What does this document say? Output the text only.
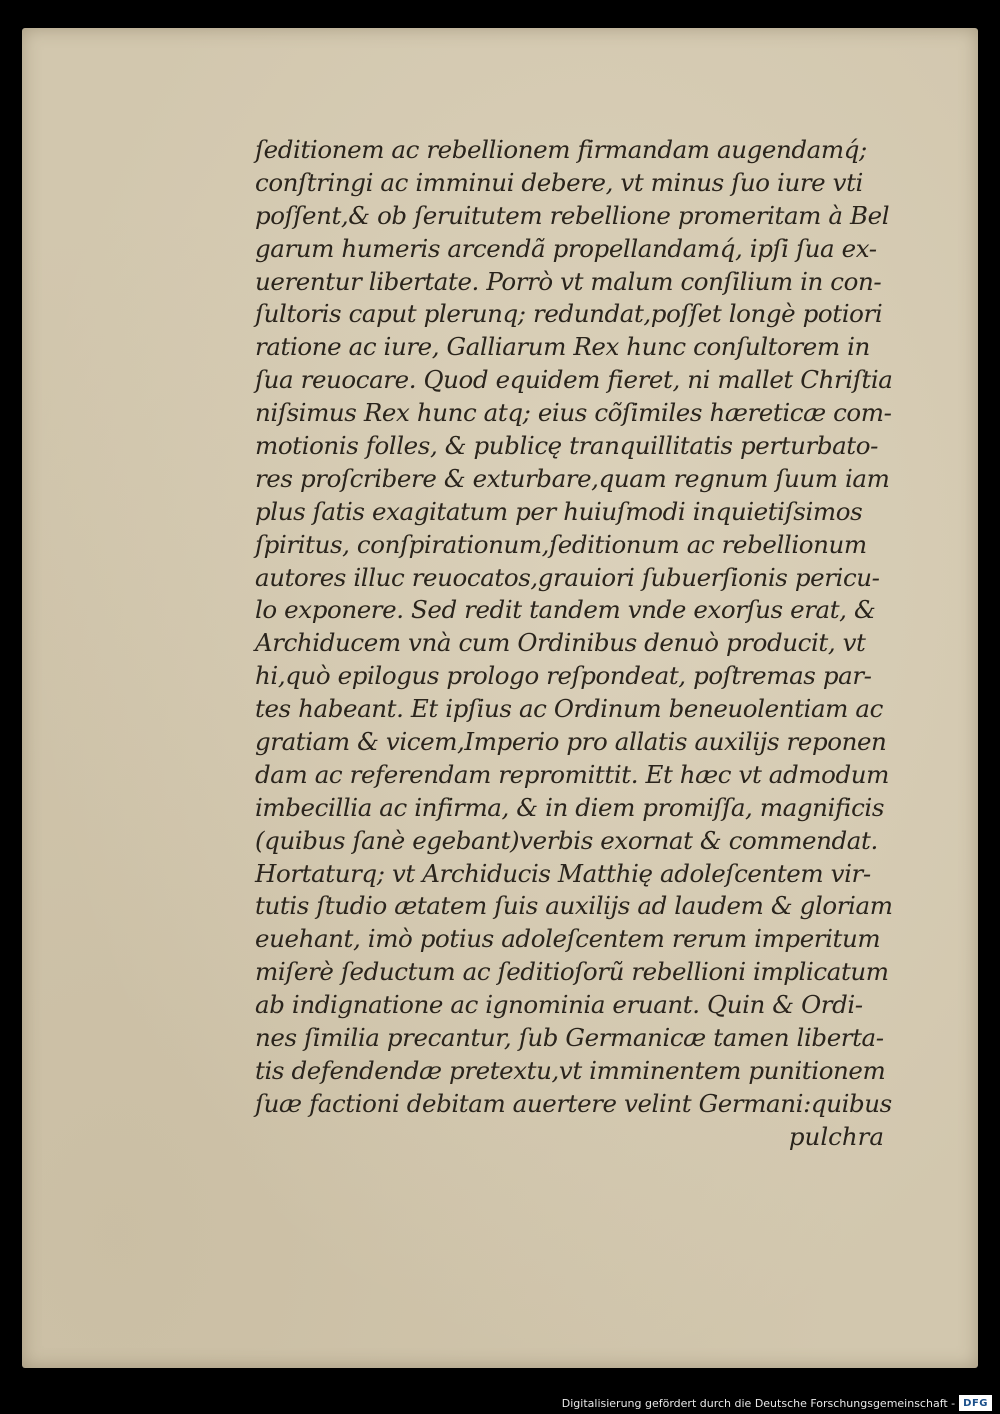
ſeditionem ac rebellionem firmandam augendamq́;
conſtringi ac imminui debere, vt minus ſuo iure vti
poſſent,& ob ſeruitutem rebellione promeritam à Bel
garum humeris arcendã propellandamq́, ipſi ſua ex-
uerentur libertate. Porrò vt malum conſilium in con-
ſultoris caput plerunq; redundat,poſſet longè potiori
ratione ac iure, Galliarum Rex hunc conſultorem in
ſua reuocare. Quod equidem fieret, ni mallet Chriſtia
niſsimus Rex hunc atq; eius cõſimiles hæreticæ com-
motionis folles, & publicę tranquillitatis perturbato-
res proſcribere & exturbare,quam regnum ſuum iam
plus ſatis exagitatum per huiuſmodi inquietiſsimos
ſpiritus, conſpirationum,ſeditionum ac rebellionum
autores illuc reuocatos,grauiori ſubuerſionis pericu-
lo exponere. Sed redit tandem vnde exorſus erat, &
Archiducem vnà cum Ordinibus denuò producit, vt
hi,quò epilogus prologo reſpondeat, poſtremas par-
tes habeant. Et ipſius ac Ordinum beneuolentiam ac
gratiam & vicem,Imperio pro allatis auxilijs reponen
dam ac referendam repromittit. Et hæc vt admodum
imbecillia ac infirma, & in diem promiſſa, magnificis
(quibus ſanè egebant)verbis exornat & commendat.
Hortaturq; vt Archiducis Matthię adoleſcentem vir-
tutis ſtudio ætatem ſuis auxilijs ad laudem & gloriam
euehant, imò potius adoleſcentem rerum imperitum
miſerè ſeductum ac ſeditioſorũ rebellioni implicatum
ab indignatione ac ignominia eruant. Quin & Ordi-
nes ſimilia precantur, ſub Germanicæ tamen liberta-
tis defendendæ pretextu,vt imminentem punitionem
ſuæ factioni debitam auertere velint Germani:quibus
pulchra
Digitalisierung gefördert durch die Deutsche Forschungsgemeinschaft - DFG
